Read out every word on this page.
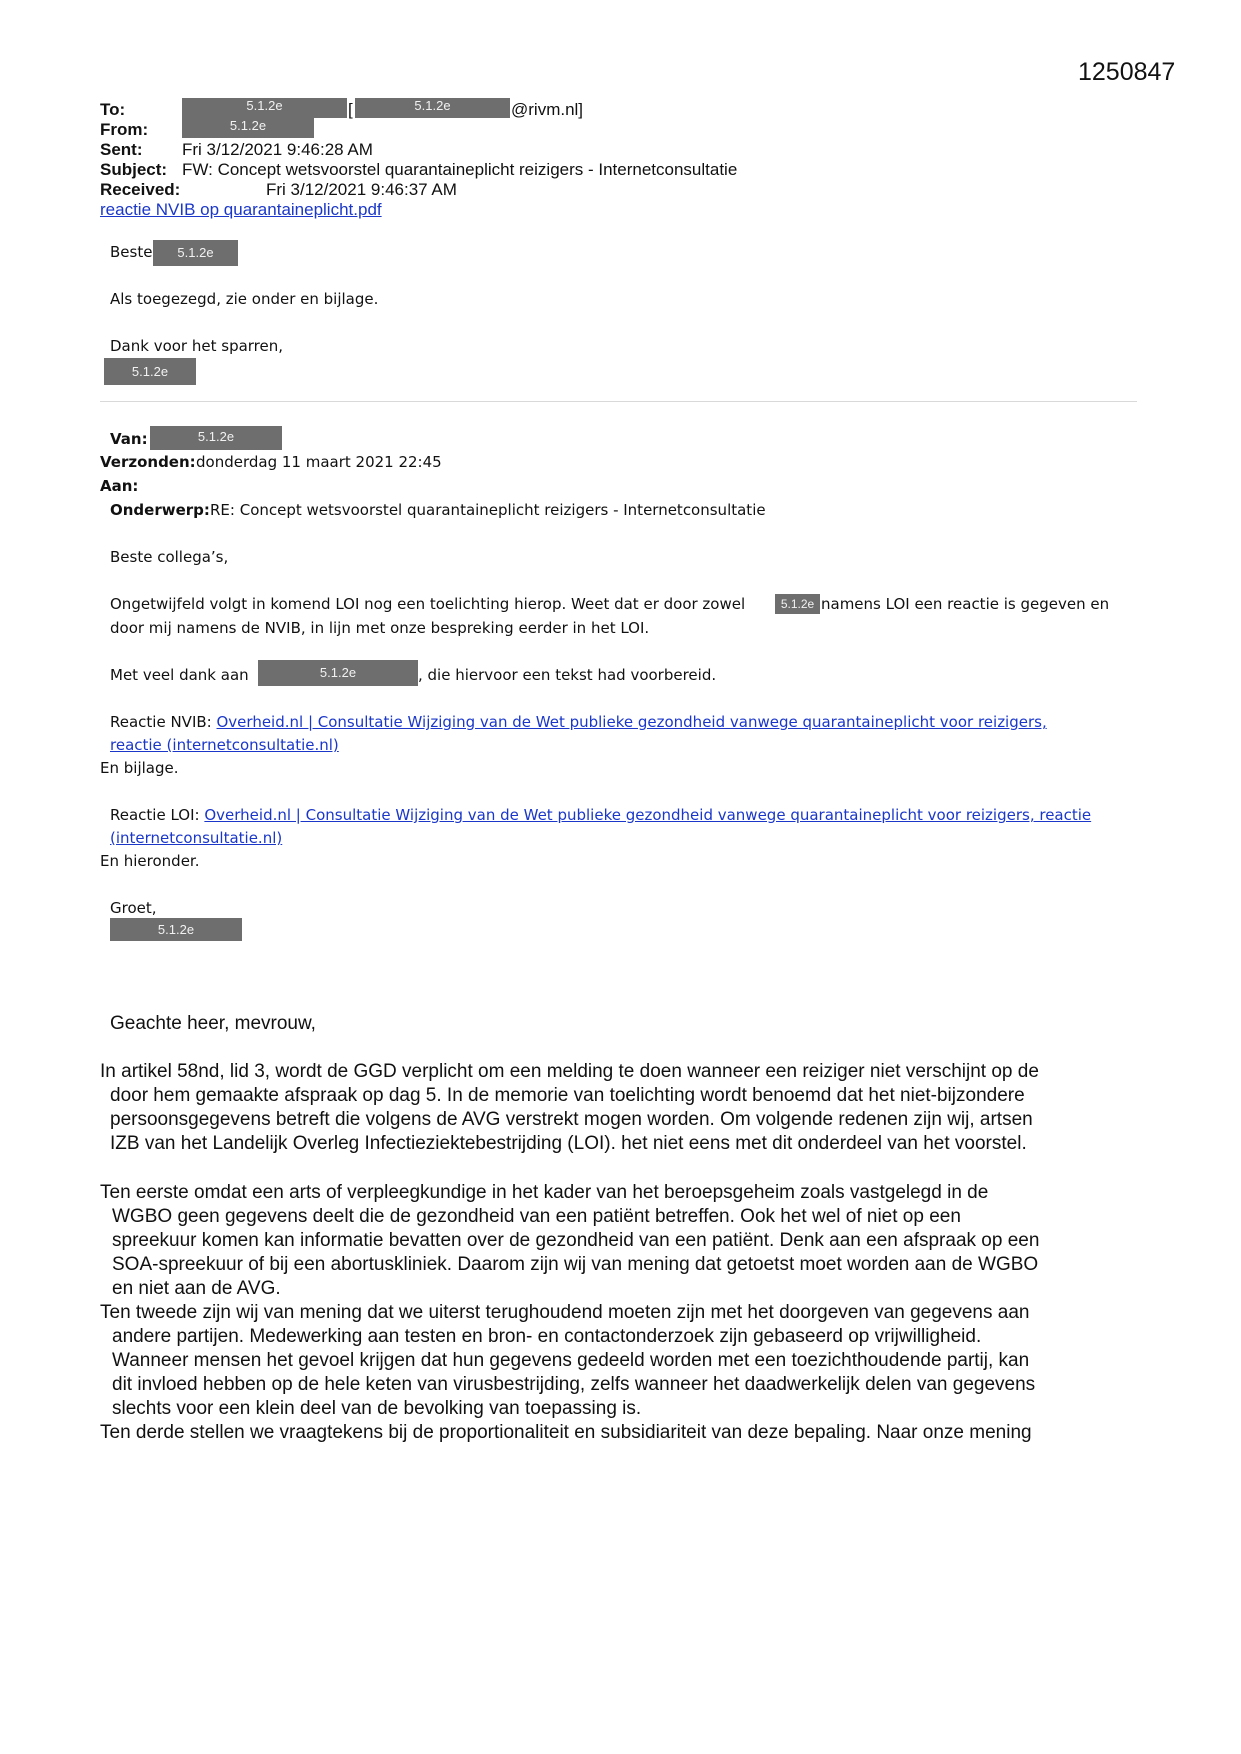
1250847
To:	5.1.2e	[	5.1.2e	@rivm.nl]
From:	5.1.2e
Sent: Fri 3/12/2021 9:46:28 AM
Subject: FW: Concept wetsvoorstel quarantaineplicht reizigers - Internetconsultatie
Received:	Fri 3/12/2021 9:46:37 AM
reactie NVIB op quarantaineplicht.pdf
Beste	5.1.2e
Als toegezegd, zie onder en bijlage.
Dank voor het sparren,
5.1.2e
Van:	5.1.2e
Verzonden: donderdag 11 maart 2021 22:45
Aan:
Onderwerp: RE: Concept wetsvoorstel quarantaineplicht reizigers - Internetconsultatie
Beste collega’s,
Ongetwijfeld volgt in komend LOI nog een toelichting hierop. Weet dat er door zowel	5.1.2e namens LOI een reactie is gegeven en
door mij namens de NVIB, in lijn met onze bespreking eerder in het LOI.
Met veel dank aan	5.1.2e	, die hiervoor een tekst had voorbereid.
Reactie NVIB: Overheid.nl | Consultatie Wijziging van de Wet publieke gezondheid vanwege quarantaineplicht voor reizigers,
reactie (internetconsultatie.nl)
En bijlage.
Reactie LOI: Overheid.nl | Consultatie Wijziging van de Wet publieke gezondheid vanwege quarantaineplicht voor reizigers, reactie
(internetconsultatie.nl)
En hieronder.
Groet,
5.1.2e
Geachte heer, mevrouw,
In artikel 58nd, lid 3, wordt de GGD verplicht om een melding te doen wanneer een reiziger niet verschijnt op de
door hem gemaakte afspraak op dag 5. In de memorie van toelichting wordt benoemd dat het niet-bijzondere
persoonsgegevens betreft die volgens de AVG verstrekt mogen worden. Om volgende redenen zijn wij, artsen
IZB van het Landelijk Overleg Infectieziektebestrijding (LOI). het niet eens met dit onderdeel van het voorstel.
Ten eerste omdat een arts of verpleegkundige in het kader van het beroepsgeheim zoals vastgelegd in de
WGBO geen gegevens deelt die de gezondheid van een patiënt betreffen. Ook het wel of niet op een
spreekuur komen kan informatie bevatten over de gezondheid van een patiënt. Denk aan een afspraak op een
SOA-spreekuur of bij een abortuskliniek. Daarom zijn wij van mening dat getoetst moet worden aan de WGBO
en niet aan de AVG.
Ten tweede zijn wij van mening dat we uiterst terughoudend moeten zijn met het doorgeven van gegevens aan
andere partijen. Medewerking aan testen en bron- en contactonderzoek zijn gebaseerd op vrijwilligheid.
Wanneer mensen het gevoel krijgen dat hun gegevens gedeeld worden met een toezichthoudende partij, kan
dit invloed hebben op de hele keten van virusbestrijding, zelfs wanneer het daadwerkelijk delen van gegevens
slechts voor een klein deel van de bevolking van toepassing is.
Ten derde stellen we vraagtekens bij de proportionaliteit en subsidiariteit van deze bepaling. Naar onze mening
